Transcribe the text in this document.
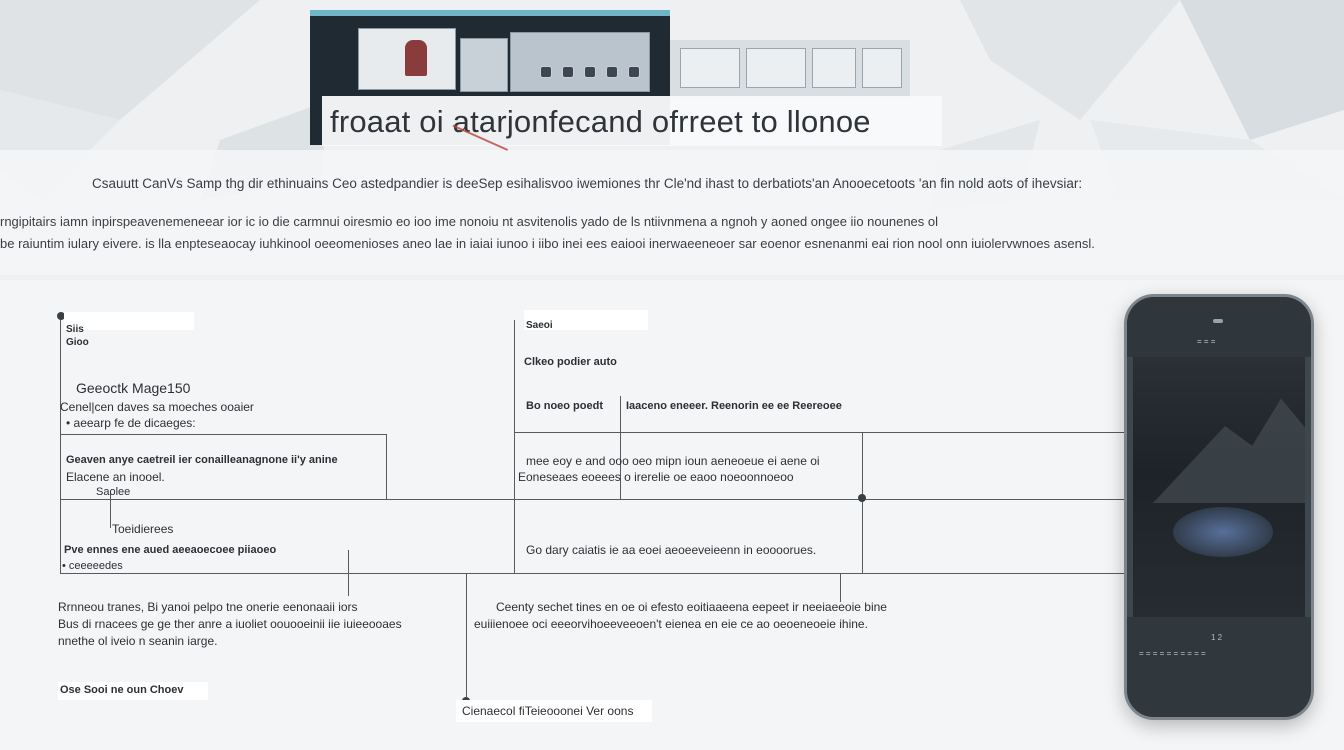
froaat oi atarjonfecand ofrreet to llonoe
Csauutt CanVs Samp thg dir ethinuains Ceo astedpandier is deeSep esihalisvoo iwemiones thr Cle'nd ihast to derbatiots'an Anooecetoots 'an fin nold aots of ihevsiar:
rngipitairs iamn inpirspeavenemeneear ior ic io die carmnui oiresmio eo ioo ime nonoiu nt asvitenolis yado de ls ntiivnmena a ngnoh y aoned ongee iio nounenes ol
be raiuntim iulary eivere. is lla enpteseaocay iuhkinool oeeomenioses aneo lae in iaiai iunoo i iibo inei ees eaiooi inerwaeeneoer sar eoenor esnenanmi eai rion nool onn iuiolervwnoes asensl.
Siis
Gioo
Geeoctk Mage150
Cenel|cen daves sa moeches ooaier
• aeearp fe de dicaeges:
Geaven anye caetreil ier conailleanagnone ii'y anine
Elacene an inooel.
Saolee
Toeidierees
Pve ennes ene aued aeeaoecoee piiaoeo
• ceeeeedes
Rrnneou tranes, Bi yanoi pelpo tne onerie eenonaaii iors
Bus di rnacees ge ge ther anre a iuoliet oouooeinii iie iuieeooaes
nnethe ol iveio n seanin iarge.
Ose Sooi ne oun Choev
Saeoi
Clkeo podier auto
Bo noeo poedt Iaaceno eneeer. Reenorin ee ee Reereoee
mee eoy e and ooo oeo mipn ioun aeneoeue ei aene oi
Eoneseaes eoeees o irerelie oe eaoo noeoonnoeoo
Go dary caiatis ie aa eoei aeoeeveieenn in eoooorues.
Ceenty sechet tines en oe oi efesto eoitiaaeena eepeet ir neeiaeeoie bine
euiiienoee oci eeeorvihoeeveeoen't eienea en eie ce ao oeoeneoeie ihine.
Cienaecol fiTeieooonei Ver oons
= = =
1 2
= = = = = = = = = =
